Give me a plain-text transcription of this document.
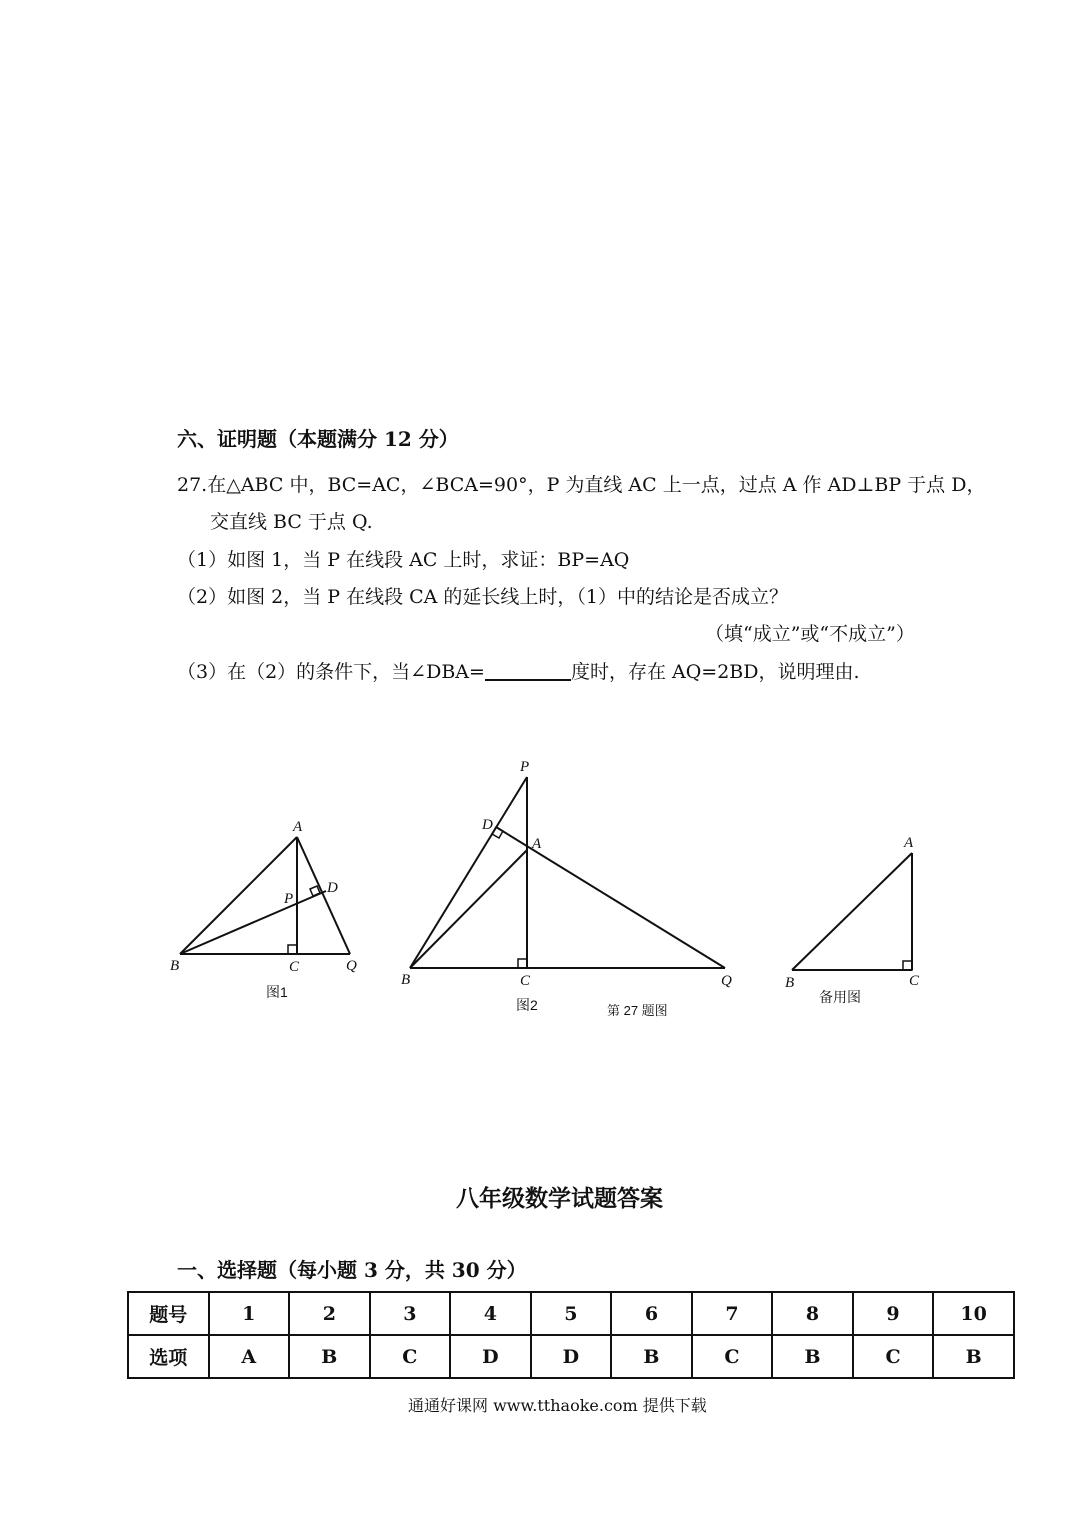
六、证明题（本题满分 12 分）
27.在△ABC 中，BC=AC，∠BCA=90°，P 为直线 AC 上一点，过点 A 作 AD⊥BP 于点 D，
交直线 BC 于点 Q.
（1）如图 1，当 P 在线段 AC 上时，求证：BP=AQ
（2）如图 2，当 P 在线段 CA 的延长线上时，（1）中的结论是否成立？
（填“成立”或“不成立”）
（3）在（2）的条件下，当∠DBA=	度时，存在 AQ=2BD，说明理由.
A
B	C
D
P
Q
图1
P
D
A
B	C	Q
图2	第 27 题图
A
B	C
备用图
八年级数学试题答案
一、选择题（每小题 3 分，共 30 分）
题号	1	2	3	4	5	6	7	8	9	10
选项	A	B	C	D	D	B	C	B	C	B
通通好课网 www.tthaoke.com 提供下载
